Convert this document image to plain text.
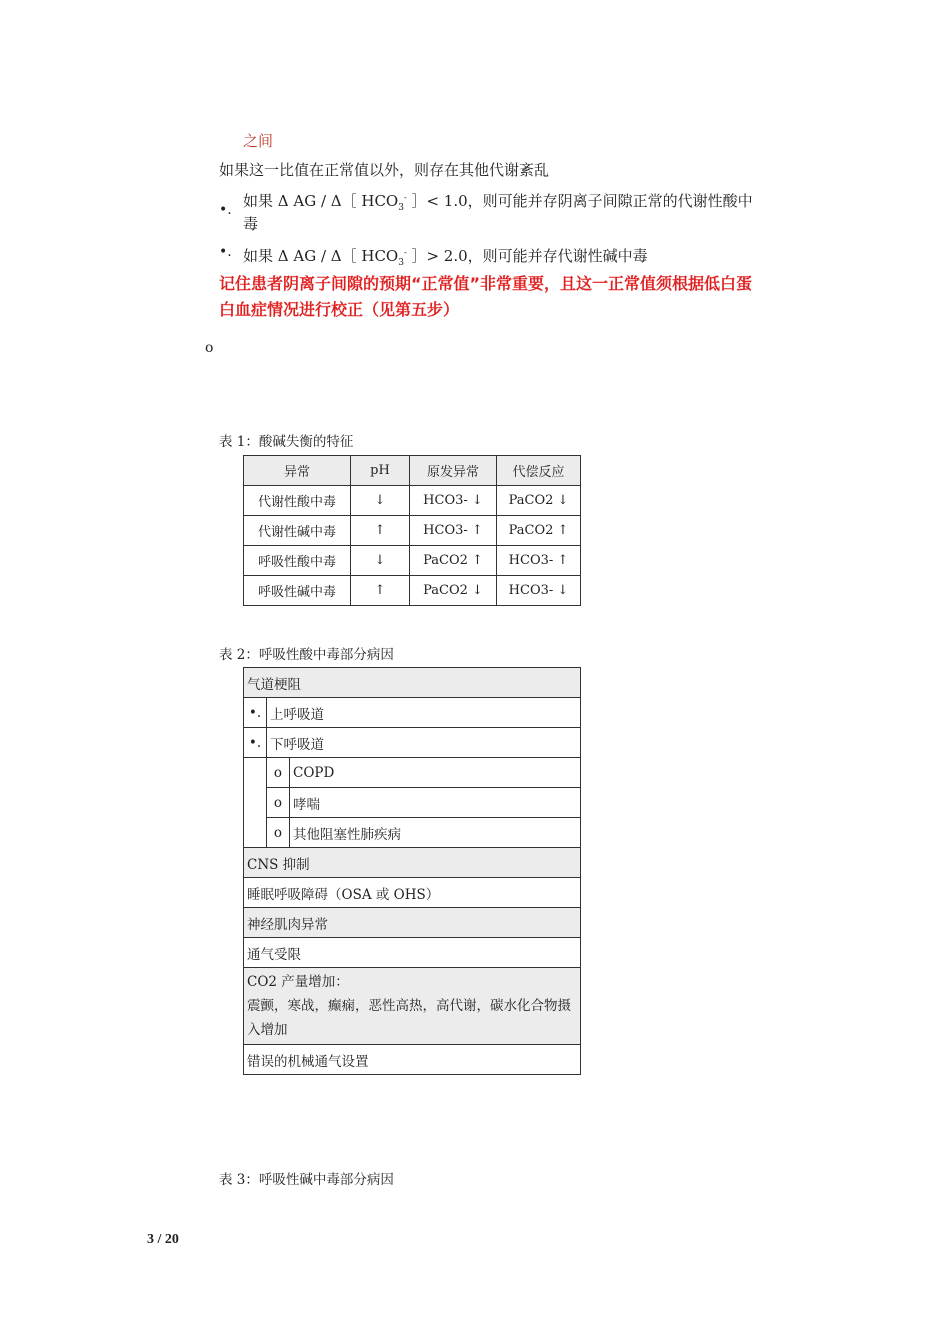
之间
如果这一比值在正常值以外，则存在其他代谢紊乱
•. 如果 Δ AG / Δ［ $HCO_3^-$ ］< 1.0，则可能并存阴离子间隙正常的代谢性酸中
毒
•. 如果 Δ AG / Δ［ $HCO_3^-$ ］> 2.0，则可能并存代谢性碱中毒
记住患者阴离子间隙的预期“正常值”非常重要，且这一正常值须根据低白蛋
白血症情况进行校正（见第五步）
o
表 1：酸碱失衡的特征
异常	pH	原发异常	代偿反应
代谢性酸中毒	↓	HCO3- ↓	PaCO2 ↓
代谢性碱中毒	↑	HCO3- ↑	PaCO2 ↑
呼吸性酸中毒	↓	PaCO2 ↑	HCO3- ↑
呼吸性碱中毒	↑	PaCO2 ↓	HCO3- ↓
表 2：呼吸性酸中毒部分病因
气道梗阻		
•.	上呼吸道	
•.	下呼吸道	
	o	COPD
	o	哮喘
	o	其他阻塞性肺疾病
CNS 抑制		
睡眠呼吸障碍（OSA 或 OHS）		
神经肌肉异常		
通气受限		

CO2 产量增加：
震颤，寒战，癫痫，恶性高热，高代谢，碳水化合物摄入增加		

错误的机械通气设置		
表 3：呼吸性碱中毒部分病因
3 / 20
